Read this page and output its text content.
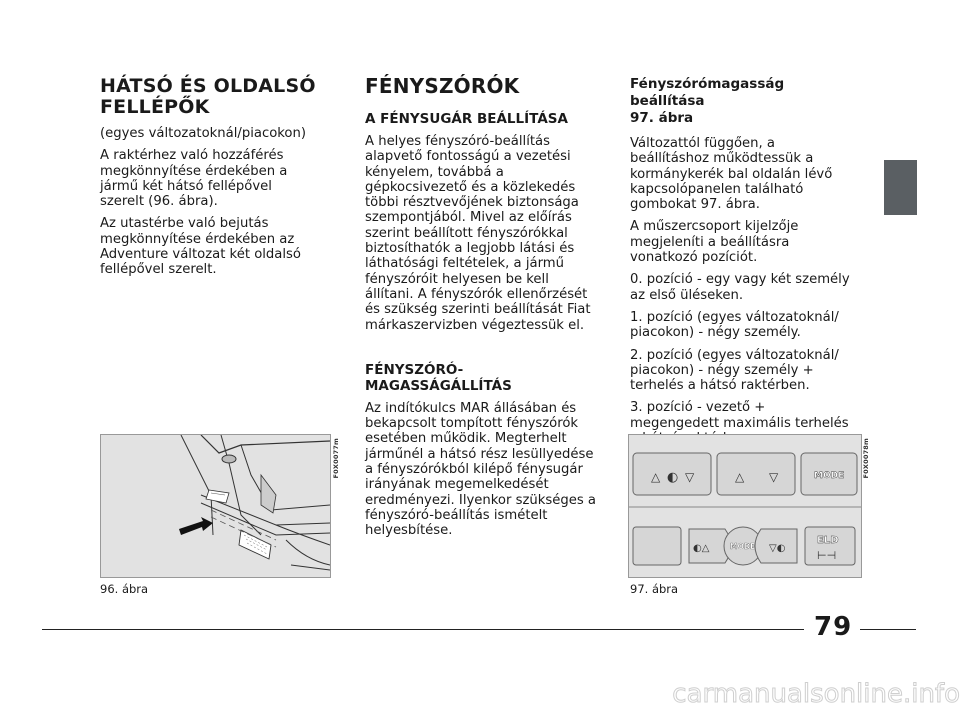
HÁTSÓ ÉS OLDALSÓ
FELLÉPŐK
(egyes változatoknál/piacokon)
A raktérhez való hozzáférés megkönnyítése érdekében a jármű két hátsó fellépővel szerelt (96. ábra).
Az utastérbe való bejutás megkönnyítése érdekében az Adventure változat két oldalsó fellépővel szerelt.
FÉNYSZÓRÓK
A FÉNYSUGÁR BEÁLLÍTÁSA
A helyes fényszóró-beállítás alapvető fontosságú a vezetési kényelem, továbbá a gépkocsivezető és a közlekedés többi résztvevőjének biztonsága szempontjából. Mivel az előírás szerint beállított fényszórókkal biztosíthatók a legjobb látási és láthatósági feltételek, a jármű fényszóróit helyesen be kell állítani. A fényszórók ellenőrzését és szükség szerinti beállítását Fiat márkaszervizben végeztessük el.
FÉNYSZÓRÓ-
MAGASSÁGÁLLÍTÁS
Az indítókulcs MAR állásában és bekapcsolt tompított fényszórók esetében működik. Megterhelt járműnél a hátsó rész lesüllyedése a fényszórókból kilépő fénysugár irányának megemelkedését eredményezi. Ilyenkor szükséges a fényszóró-beállítás ismételt helyesbítése.
Fényszórómagasság beállítása
97. ábra
Változattól függően, a beállításhoz működtessük a kormánykerék bal oldalán lévő kapcsolópanelen található gombokat 97. ábra.
A műszercsoport kijelzője megjeleníti a beállításra vonatkozó pozíciót.
0. pozíció - egy vagy két személy az első üléseken.
1. pozíció (egyes változatoknál/ piacokon) - négy személy.
2. pozíció (egyes változatoknál/ piacokon) - négy személy + terhelés a hátsó raktérben.
3. pozíció - vezető + megengedett maximális terhelés
F0X0077m
96. ábra
△ ◐ ▽	△ ▽	MODE
◐△	MODE ▽◐
ELD
⊢⊣
F0X0078m
97. ábra
79
carmanualsonline.info
